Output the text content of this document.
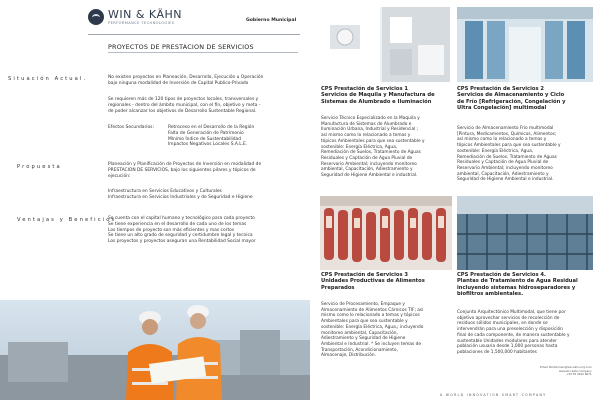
WIN & KÄHN
PERFORMANCE TECHNOLOGIES	Gobierno Municipal
PROYECTOS DE PRESTACION DE SERVICIOS
Situación Actual.	No existen proyectos en Planeación, Desarrollo, Ejecución u Operación
bajo ninguna modalidad de Inversión de Capital Publico-Privado
Se requieren más de 120 tipos de proyectos locales, transversales y
regionales - dentro del ámbito municipal, con el fin, objetivo y meta -
de poder alcanzar los objetivos de Desarrollo Sustentable Regional.
Efectos Secundarios:	Retroceso en el Desarrollo de la Región
Falta de Generación de Patrimonio
Mínimo Índice de Sustentabilidad
Impactos Negativos Locales S.A.L.E.
Propuesta	Planeación y Planificación de Proyectos de Inversión en modalidad de
PRESTACION DE SERVICIOS, bajo los siguientes pilares y tópicos de
ejecución:
Infraestructura en Servicios Educativos y Culturales
Infraestructura en Servicios Industriales y de Seguridad e Higiene
Ventajas y Beneficios
Se cuenta con el capital humano y tecnológico para cada proyecto
Se tiene experiencia en el desarrollo de cada uno de los temas
Los tiempos de proyecto son más eficientes y mas cortos
Se tiene un alto grado de seguridad y certidumbre legal y tecnica
Los proyectos y proyectos aseguran una Rentabilidad Social mayor
CPS Prestación de Servicios 1
Servicios de Maquila y Manufactura de
Sistemas de Alumbrado e Iluminación
Servicio Técnico Especializado en la Maquila y
Manufactura de Sistemas de Alumbrado e
Iluminación Urbana, Industrial y Residencial ;
así mismo como lo relacionado a temas y
tópicos Ambientales para que sea sustentable y
sostenible: Energía Eléctrica, Agua,
Remediación de Suelos, Tratamiento de Aguas
Residuales y Captación de Agua Pluvial de
Reservorio Ambiental; incluyendo monitoreo
ambiental, Capacitación, Adiestramiento y
Seguridad de Higiene Ambiental e industrial.
CPS Prestación de Servicios 2
Servicios de Almacenamiento y Ciclo
de Frío [Refrigeración, Congelación y
Ultra Congelación] multimodal
Servicio de Almacenamiento Frío multimodal
[Pintura, Medicamentos, Químicos, Alimentos;
así mismo como lo relacionado a temas y
tópicos Ambientales para que sea sustentable y
sostenible: Energía Eléctrica, Agua,
Remediación de Suelos, Tratamiento de Aguas
Residuales y Captación de Agua Pluvial de
Reservorio Ambiental; incluyendo monitoreo
ambiental, Capacitación, Adiestramiento y
Seguridad de Higiene Ambiental e industrial.
CPS Prestación de Servicios 3
Unidades Productivas de Alimentos
Preparados
Servicio de Procesamiento, Empaque y
Almacenamiento de Alimentos Cárnicos TIF; así
mismo como lo relacionado a temas y tópicos
Ambientales para que sea sustentable y
sostenible: Energía Eléctrica, Agua,; incluyendo
monitoreo ambiental, Capacitación,
Adiestramiento y Seguridad de Higiene
Ambiental e Industrial. * Se incluyen temas de
Transportación, Acondicionamiento,
Almacenaje, Distribución.
CPS Prestación de Servicios 4.
Plantas de Tratamiento de Agua Residual
incluyendo sistemas hidroseparadores y
biofiltros ambientales.
Conjunto Arquitectónico Multimodal, que tiene por
objetivo aprovechar servicios de recolección de
residuos sólidos municipales, en donde se
intervendrán para una preselección y disposición
final de cada componente, de manera sustentable y
sustentable Unidades modulares para atender
población usuaria desde 1,000 personas hasta
poblaciones de 1,500,000 habitantes
Email: Bartolomeo@win-kahn.org.com
www.win-kahn.company
+52 55 4242 6671
A WORLD INNOVATION SMART COMPANY
